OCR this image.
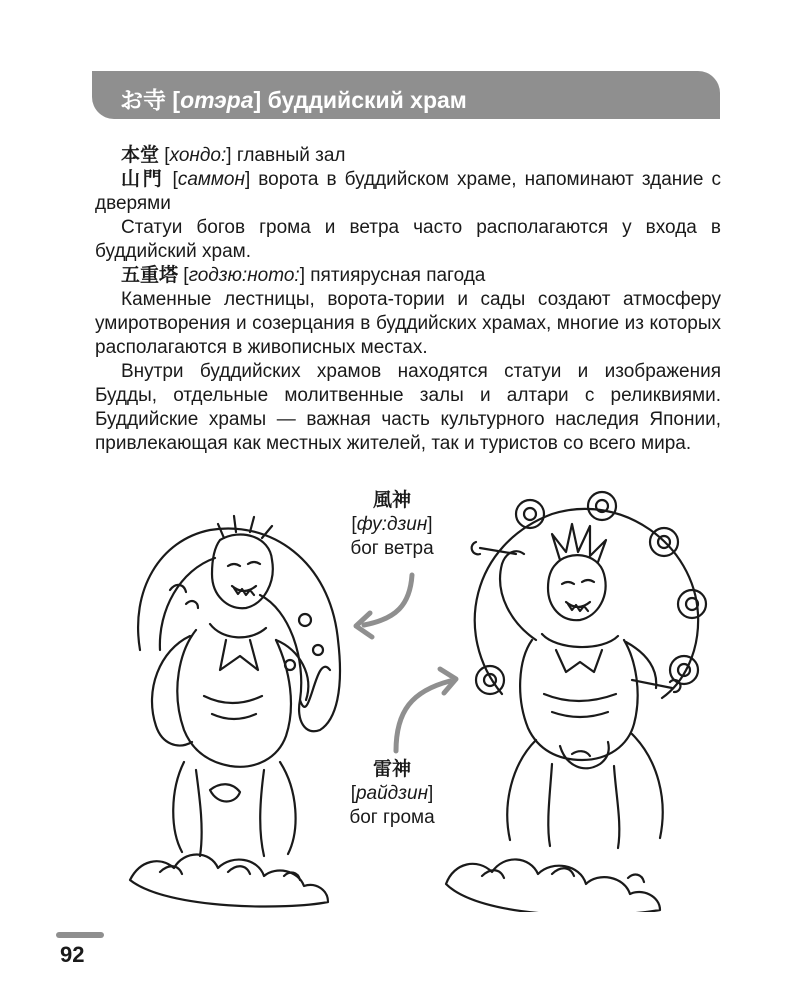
お寺 [отэра] буддийский храм

本堂 [хондо:] главный зал

山門 [саммон] ворота в буддийском храме, напоминают здание с дверями

Статуи богов грома и ветра часто располагаются у входа в буддийский храм.

五重塔 [годзю:ното:] пятиярусная пагода

Каменные лестницы, ворота-тории и сады создают атмосферу умиротворения и созерцания в буддийских храмах, многие из которых располагаются в живописных местах.

Внутри буддийских храмов находятся статуи и изображения Будды, отдельные молитвенные залы и алтари с реликвиями. Буддийские храмы — важная часть культурного наследия Японии, привлекающая как местных жителей, так и туристов со всего мира.

風神
[фу:дзин]
бог ветра
雷神
[райдзин]
бог грома
92
